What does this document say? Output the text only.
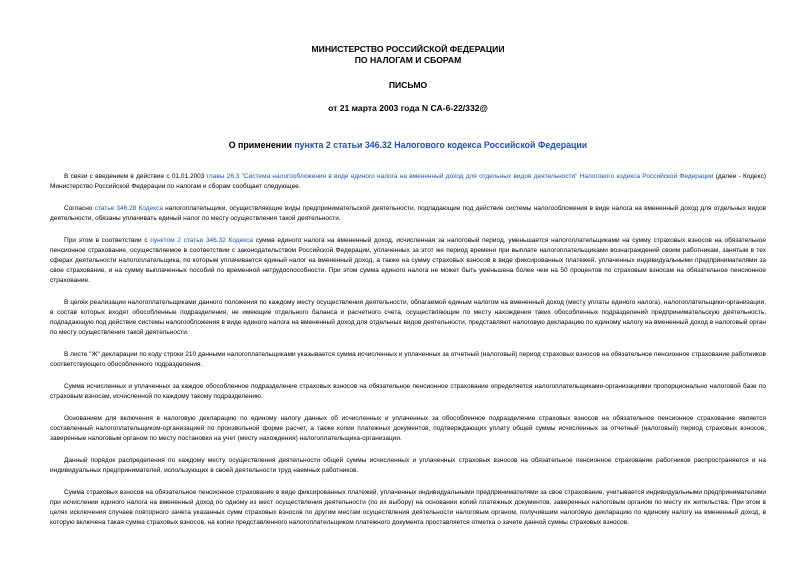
МИНИСТЕРСТВО РОССИЙСКОЙ ФЕДЕРАЦИИ
ПО НАЛОГАМ И СБОРАМ
ПИСЬМО
от 21 марта 2003 года N СА-6-22/332@
О применении пункта 2 статьи 346.32 Налогового кодекса Российской Федерации

В связи с введением в действие с 01.01.2003 главы 26.3 "Система налогообложения в виде единого налога на вмененный доход для отдельных видов деятельности" Налогового кодекса Российской Федерации (далее - Кодекс) Министерство Российской Федерации по налогам и сборам сообщает следующее.

Согласно статье 346.28 Кодекса налогоплательщики, осуществляющие виды предпринимательской деятельности, подпадающие под действие системы налогообложения в виде налога на вмененный доход для отдельных видов деятельности, обязаны уплачивать единый налог по месту осуществления такой деятельности.

При этом в соответствии с пунктом 2 статьи 346.32 Кодекса сумма единого налога на вмененный доход, исчисленная за налоговый период, уменьшается налогоплательщиками на сумму страховых взносов на обязательное пенсионное страхование, осуществляемое в соответствии с законодательством Российской Федерации, уплаченных за этот же период времени при выплате налогоплательщиками вознаграждений своим работникам, занятым в тех сферах деятельности налогоплательщика, по которым уплачивается единый налог на вмененный доход, а также на сумму страховых взносов в виде фиксированных платежей, уплаченных индивидуальными предпринимателями за свое страхование, и на сумму выплаченных пособий по временной нетрудоспособности. При этом сумма единого налога не может быть уменьшена более чем на 50 процентов по страховым взносам на обязательное пенсионное страхование.

В целях реализации налогоплательщиками данного положения по каждому месту осуществления деятельности, облагаемой единым налогом на вмененный доход (месту уплаты единого налога), налогоплательщики-организации, в состав которых входят обособленные подразделения, не имеющие отдельного баланса и расчетного счета, осуществляющие по месту нахождения таких обособленных подразделений предпринимательскую деятельность, подпадающую под действие системы налогообложения в виде единого налога на вмененный доход для отдельных видов деятельности, представляют налоговую декларацию по единому налогу на вмененный доход в налоговый орган по месту осуществления такой деятельности.

В листе "Ж" декларации по коду строки 210 данными налогоплательщиками указывается сумма исчисленных и уплаченных за отчетный (налоговый) период страховых взносов на обязательное пенсионное страхование работников соответствующего обособленного подразделения.

Сумма исчисленных и уплаченных за каждое обособленное подразделение страховых взносов на обязательное пенсионное страхование определяется налогоплательщиками-организациями пропорционально налоговой базе по страховым взносам, исчисленной по каждому такому подразделению.

Основанием для включения в налоговую декларацию по единому налогу данных об исчисленных и уплаченных за обособленное подразделение страховых взносов на обязательное пенсионное страхование является составленный налогоплательщиком-организацией по произвольной форме расчет, а также копии платежных документов, подтверждающих уплату общей суммы исчисленных за отчетный (налоговый) период страховых взносов, заверенные налоговым органом по месту постановки на учет (месту нахождения) налогоплательщика-организации.

Данный порядок распределения по каждому месту осуществления деятельности общей суммы исчисленных и уплаченных страховых взносов на обязательное пенсионное страхование работников распространяется и на индивидуальных предпринимателей, использующих в своей деятельности труд наемных работников.

Сумма страховых взносов на обязательное пенсионное страхование в виде фиксированных платежей, уплаченных индивидуальными предпринимателями за свое страхование, учитывается индивидуальными предпринимателями при исчислении единого налога на вмененный доход по одному из мест осуществления деятельности (по их выбору) на основании копий платежных документов, заверенных налоговым органом по месту их жительства. При этом в целях исключения случаев повторного зачета указанных сумм страховых взносов по другим местам осуществления деятельности налоговым органом, получившим налоговую декларацию по единому налогу на вмененный доход, в которую включена такая сумма страховых взносов, на копии представленного налогоплательщиком платежного документа проставляется отметка о зачете данной суммы страховых взносов.
